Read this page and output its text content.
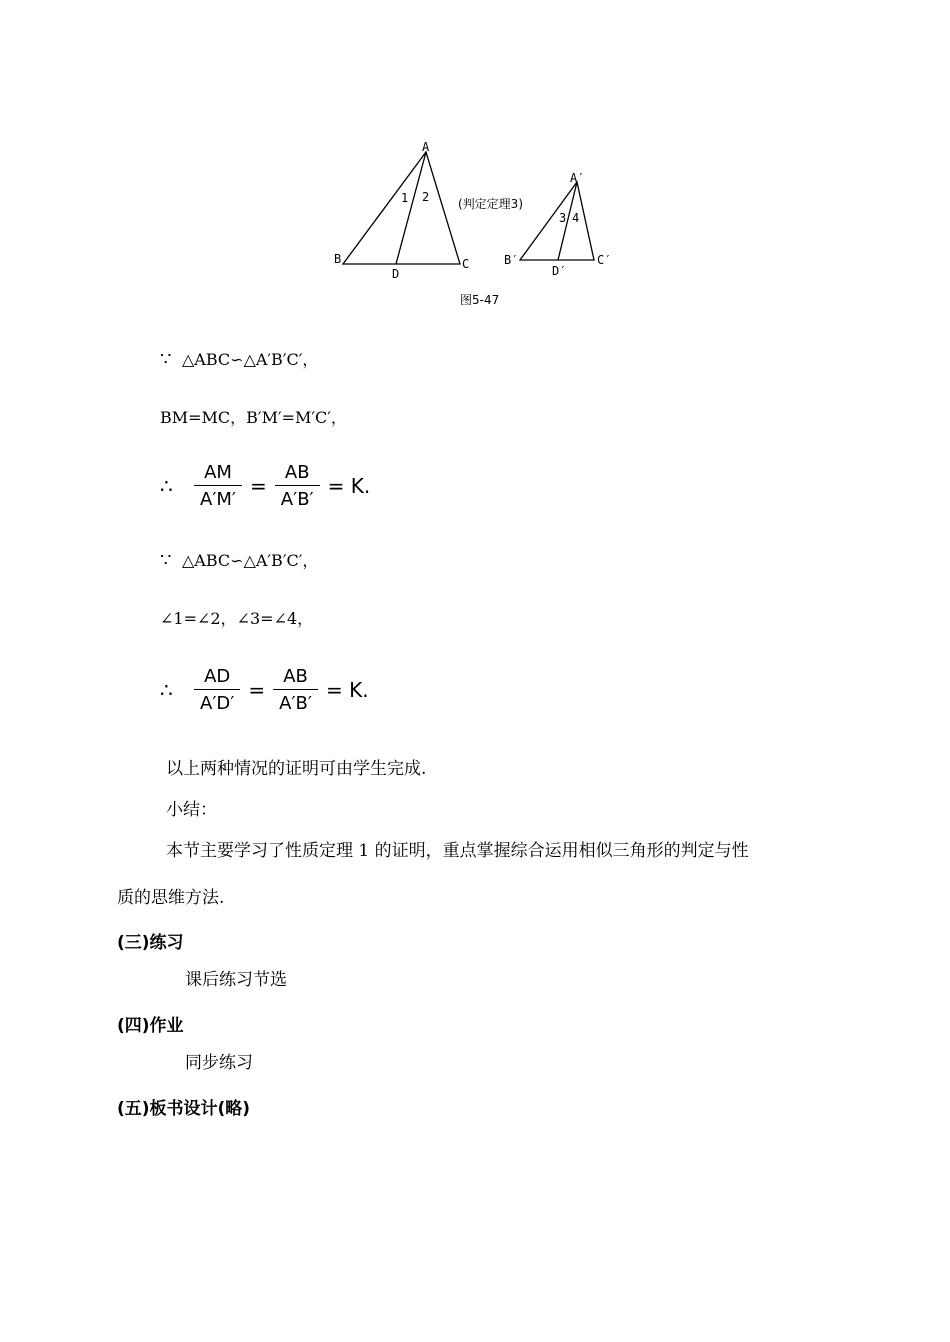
A
B	C
D
1 2 (判定定理3)
A′
B′	C′
D′
3 4
图5-47
∵ △ABC∽△A′B′C′，
BM=MC，B′M′=M′C′，
∴	$\frac{AM}{A'M'} = \frac{AB}{A'B'} = K$.
∵ △ABC∽△A′B′C′，
∠1=∠2，∠3=∠4，
∴	$\frac{AD}{A'D'} = \frac{AB}{A'B'} = K$.
以上两种情况的证明可由学生完成.
小结：
本节主要学习了性质定理 1 的证明，重点掌握综合运用相似三角形的判定与性
质的思维方法.
(三)练习
课后练习节选
(四)作业
同步练习
(五)板书设计(略)
